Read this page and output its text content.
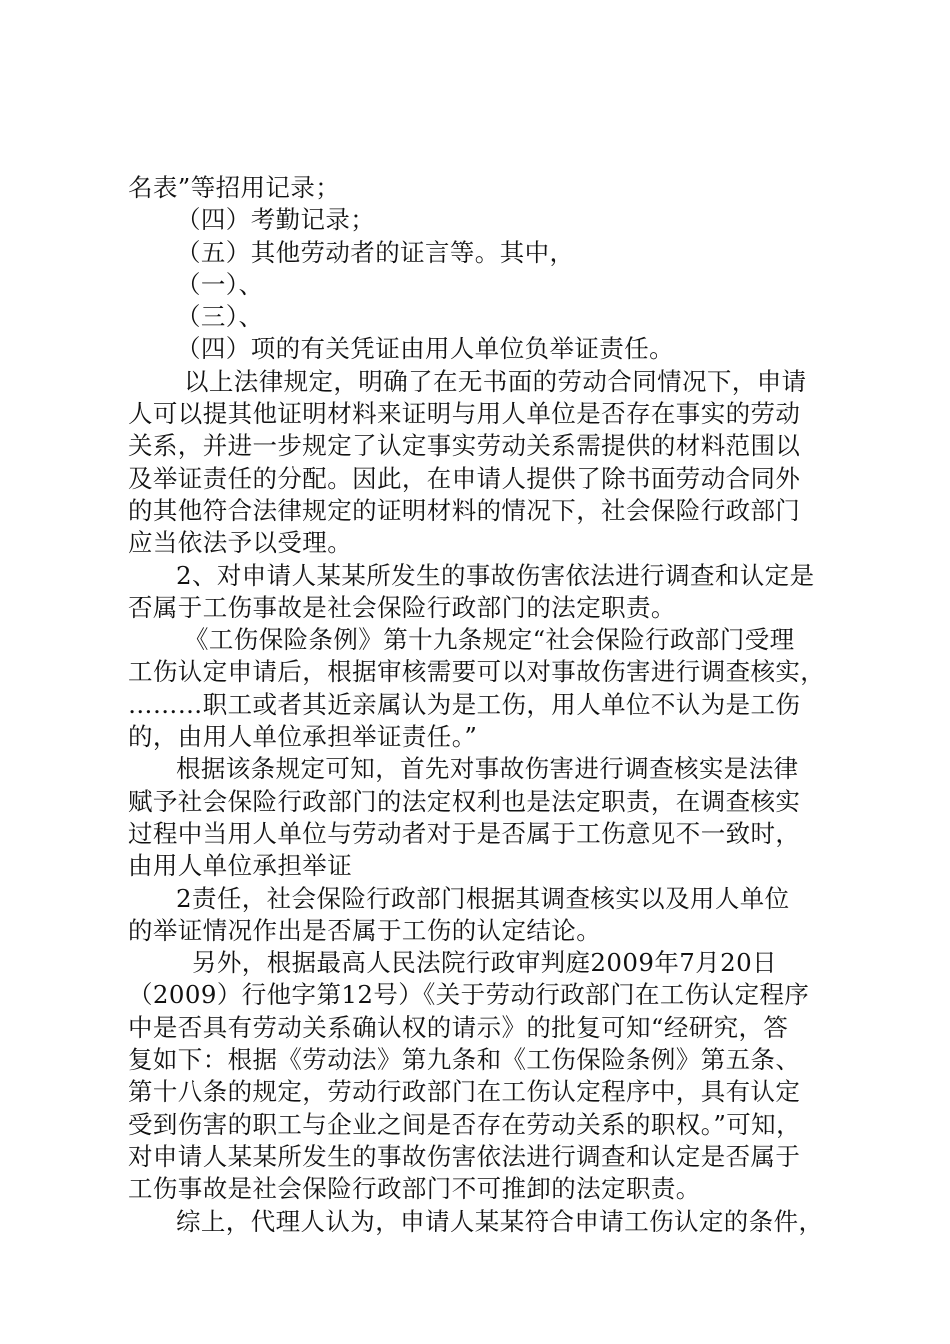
名表”等招用记录；
（四）考勤记录；
（五）其他劳动者的证言等。其中，
（一）、
（三）、
（四）项的有关凭证由用人单位负举证责任。
以上法律规定，明确了在无书面的劳动合同情况下，申请
人可以提其他证明材料来证明与用人单位是否存在事实的劳动
关系，并进一步规定了认定事实劳动关系需提供的材料范围以
及举证责任的分配。因此，在申请人提供了除书面劳动合同外
的其他符合法律规定的证明材料的情况下，社会保险行政部门
应当依法予以受理。
2、对申请人某某所发生的事故伤害依法进行调查和认定是
否属于工伤事故是社会保险行政部门的法定职责。
《工伤保险条例》第十九条规定“社会保险行政部门受理
工伤认定申请后，根据审核需要可以对事故伤害进行调查核实，
………职工或者其近亲属认为是工伤，用人单位不认为是工伤
的，由用人单位承担举证责任。”
根据该条规定可知，首先对事故伤害进行调查核实是法律
赋予社会保险行政部门的法定权利也是法定职责，在调查核实
过程中当用人单位与劳动者对于是否属于工伤意见不一致时，
由用人单位承担举证
2责任，社会保险行政部门根据其调查核实以及用人单位
的举证情况作出是否属于工伤的认定结论。
另外，根据最高人民法院行政审判庭2009年7月20日
（2009）行他字第12号）《关于劳动行政部门在工伤认定程序
中是否具有劳动关系确认权的请示》的批复可知“经研究，答
复如下：根据《劳动法》第九条和《工伤保险条例》第五条、
第十八条的规定，劳动行政部门在工伤认定程序中，具有认定
受到伤害的职工与企业之间是否存在劳动关系的职权。”可知，
对申请人某某所发生的事故伤害依法进行调查和认定是否属于
工伤事故是社会保险行政部门不可推卸的法定职责。
综上，代理人认为，申请人某某符合申请工伤认定的条件，
